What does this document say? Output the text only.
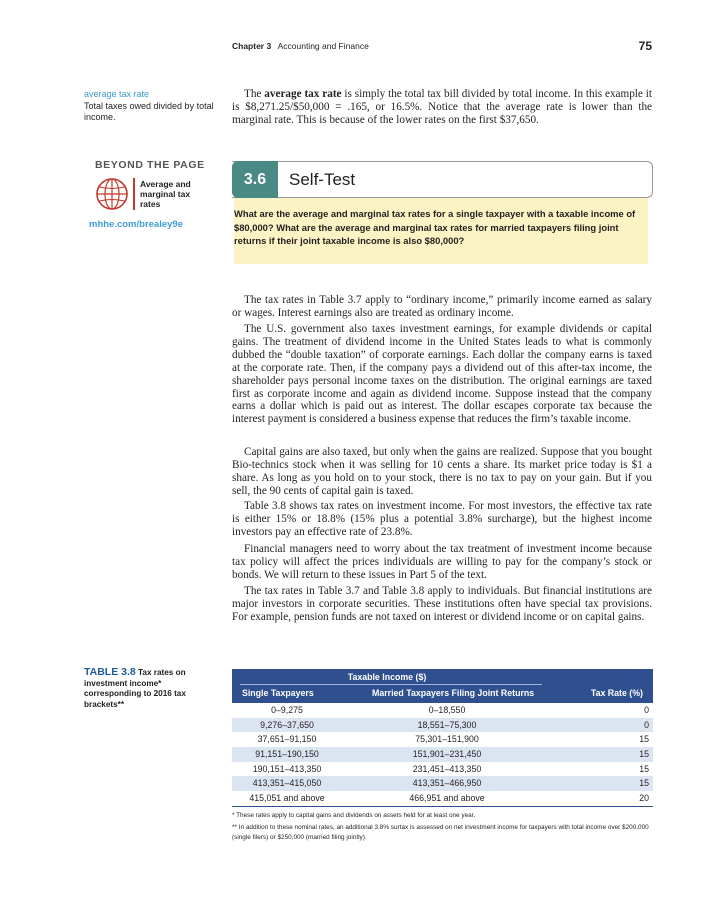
Chapter 3 Accounting and Finance	75
average tax rate
Total taxes owed divided by total income.

The average tax rate is simply the total tax bill divided by total income. In this example it is $8,271.25/$50,000 = .165, or 16.5%. Notice that the average rate is lower than the marginal rate. This is because of the lower rates on the first $37,650.

BEYOND THE PAGE
Average and marginal tax rates
mhhe.com/brealey9e
3.6	Self-Test
What are the average and marginal tax rates for a single taxpayer with a taxable income of $80,000? What are the average and marginal tax rates for married taxpayers filing joint returns if their joint taxable income is also $80,000?

The tax rates in Table 3.7 apply to “ordinary income,” primarily income earned as salary or wages. Interest earnings also are treated as ordinary income.

The U.S. government also taxes investment earnings, for example dividends or capital gains. The treatment of dividend income in the United States leads to what is commonly dubbed the “double taxation” of corporate earnings. Each dollar the company earns is taxed at the corporate rate. Then, if the company pays a dividend out of this after-tax income, the shareholder pays personal income taxes on the distribution. The original earnings are taxed first as corporate income and again as dividend income. Suppose instead that the company earns a dollar which is paid out as interest. The dollar escapes corporate tax because the interest payment is considered a business expense that reduces the firm’s taxable income.

Capital gains are also taxed, but only when the gains are realized. Suppose that you bought Bio-technics stock when it was selling for 10 cents a share. Its market price today is $1 a share. As long as you hold on to your stock, there is no tax to pay on your gain. But if you sell, the 90 cents of capital gain is taxed.

Table 3.8 shows tax rates on investment income. For most investors, the effective tax rate is either 15% or 18.8% (15% plus a potential 3.8% surcharge), but the highest income investors pay an effective rate of 23.8%.

Financial managers need to worry about the tax treatment of investment income because tax policy will affect the prices individuals are willing to pay for the company’s stock or bonds. We will return to these issues in Part 5 of the text.

The tax rates in Table 3.7 and Table 3.8 apply to individuals. But financial institutions are major investors in corporate securities. These institutions often have special tax provisions. For example, pension funds are not taxed on interest or dividend income or on capital gains.

TABLE 3.8 Tax rates on investment income* corresponding to 2016 tax brackets**
Taxable Income ($)
Single Taxpayers	Married Taxpayers Filing Joint Returns	Tax Rate (%)
0–9,275	0–18,550	0
9,276–37,650	18,551–75,300	0
37,651–91,150	75,301–151,900	15
91,151–190,150	151,901–231,450	15
190,151–413,350	231,451–413,350	15
413,351–415,050	413,351–466,950	15
415,051 and above	466,951 and above	20
* These rates apply to capital gains and dividends on assets held for at least one year.
** In addition to these nominal rates, an additional 3.8% surtax is assessed on net investment income for taxpayers with total income over $200,000 (single filers) or $250,000 (married filing jointly).
